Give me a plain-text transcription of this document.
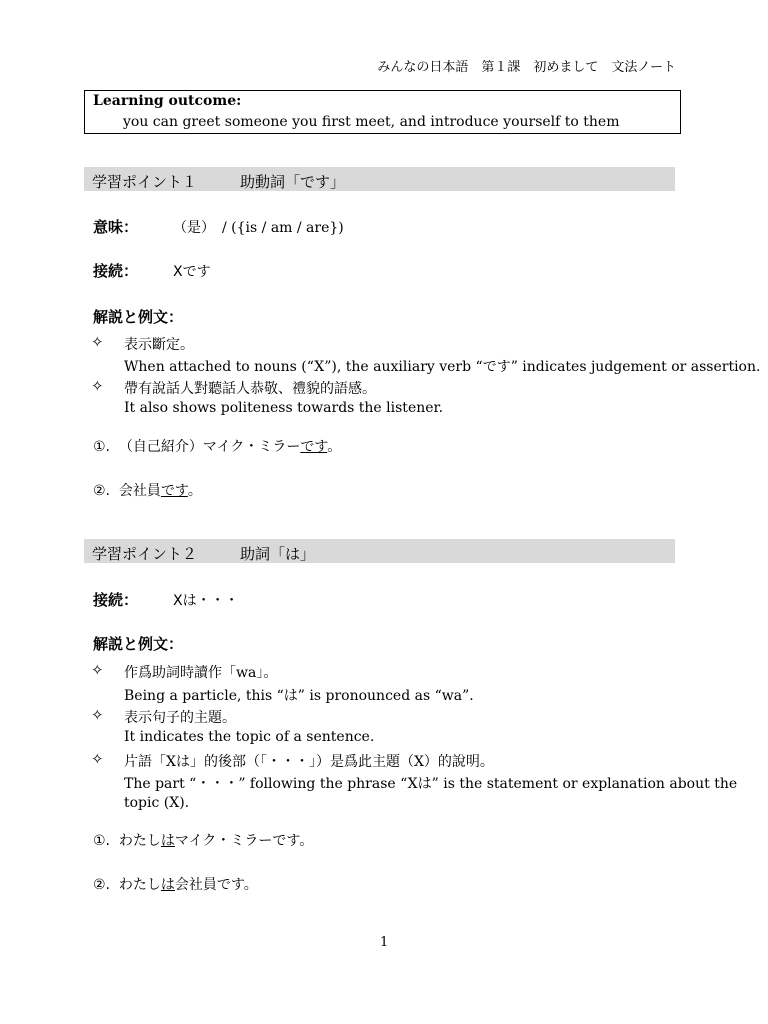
みんなの日本語　第１課　初めまして　文法ノート
Learning outcome:
you can greet someone you first meet, and introduce yourself to them
学習ポイント１	助動詞「です」
意味： （是）　/ ({is / am / are})
接続： Xです
解説と例文：
✧ 表示斷定。
When attached to nouns (“X”), the auxiliary verb “です” indicates judgement or assertion.
✧ 帶有說話人對聽話人恭敬、禮貌的語感。
It also shows politeness towards the listener.
①. （自己紹介）マイク・ミラーです。
②. 会社員です。
学習ポイント２	助詞「は」
接続： Xは・・・
解説と例文：
✧ 作爲助詞時讀作「wa」。
Being a particle, this “は” is pronounced as “wa”.
✧ 表示句子的主題。
It indicates the topic of a sentence.
✧ 片語「Xは」的後部（「・・・」）是爲此主題（X）的說明。
The part “・・・” following the phrase “Xは” is the statement or explanation about the
topic (X).
①. わたしはマイク・ミラーです。
②. わたしは会社員です。
1
